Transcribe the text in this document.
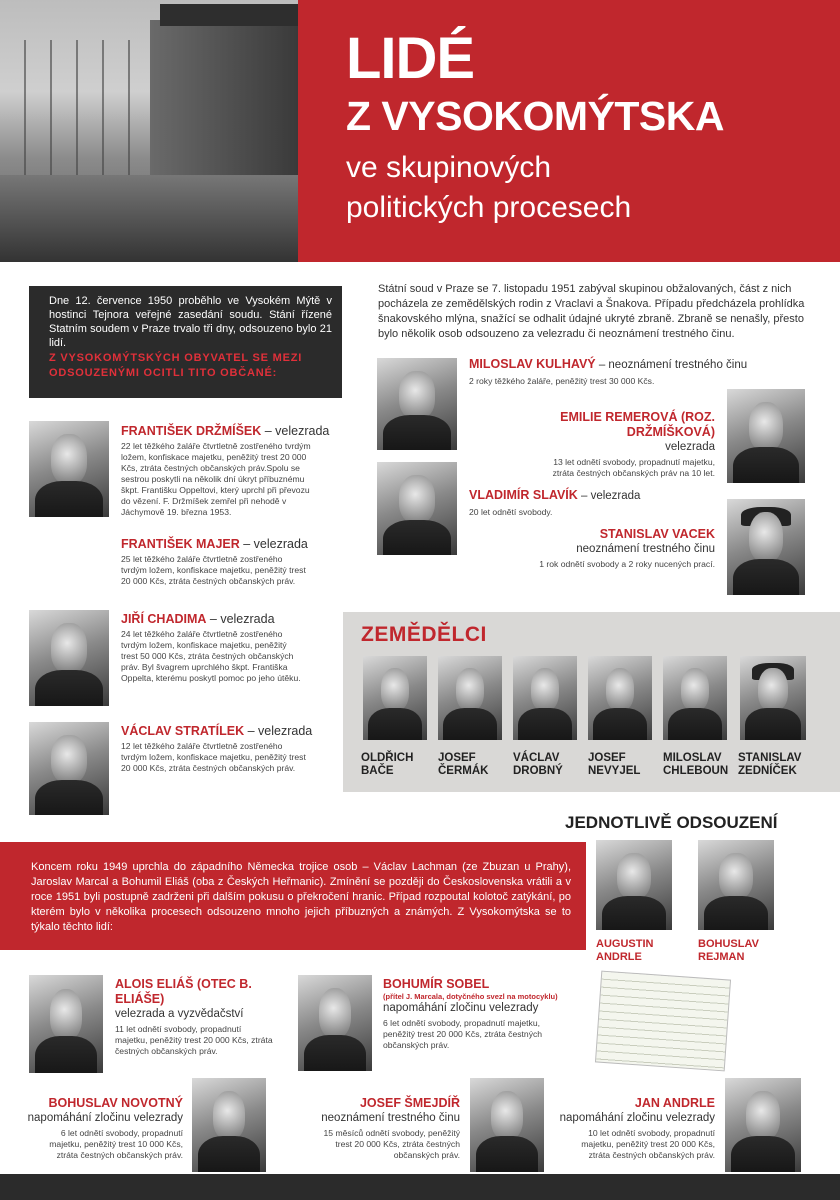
LIDÉ
Z VYSOKOMÝTSKA
ve skupinových
politických procesech
Dne 12. července 1950 proběhlo ve Vysokém Mýtě v hostinci Tejnora veřejné zasedání soudu. Stání řízené Statním soudem v Praze trvalo tři dny, odsouzeno bylo 21 lidí.
Z VYSOKOMÝTSKÝCH OBYVATEL SE MEZI ODSOUZENÝMI OCITLI TITO OBČANÉ:
FRANTIŠEK DRŽMÍŠEK – velezrada
22 let těžkého žaláře čtvrtletně zostřeného tvrdým ložem, konfiskace majetku, peněžitý trest 20 000 Kčs, ztráta čestných občanských práv.Spolu se sestrou poskytli na několik dní úkryt příbuznému škpt. Františku Oppeltovi, který uprchl při převozu do vězení. F. Držmíšek zemřel při nehodě v Jáchymově 19. března 1953.
FRANTIŠEK MAJER – velezrada
25 let těžkého žaláře čtvrtletně zostřeného tvrdým ložem, konfiskace majetku, peněžitý trest 20 000 Kčs, ztráta čestných občanských práv.
JIŘÍ CHADIMA – velezrada
24 let těžkého žaláře čtvrtletně zostřeného tvrdým ložem, konfiskace majetku, peněžitý trest 50 000 Kčs, ztráta čestných občanských práv. Byl švagrem uprchlého škpt. Františka Oppelta, kterému poskytl pomoc po jeho útěku.
VÁCLAV STRATÍLEK – velezrada
12 let těžkého žaláře čtvrtletně zostřeného tvrdým ložem, konfiskace majetku, peněžitý trest 20 000 Kčs, ztráta čestných občanských práv.
Státní soud v Praze se 7. listopadu 1951 zabýval skupinou obžalovaných, část z nich pocházela ze zemědělských rodin z Vraclavi a Šnakova. Případu předcházela prohlídka šnakovského mlýna, snažící se odhalit údajné ukryté zbraně. Zbraně se nenašly, přesto bylo několik osob odsouzeno za velezradu či neoznámení trestného činu.
MILOSLAV KULHAVÝ – neoznámení trestného činu
2 roky těžkého žaláře, peněžitý trest 30 000 Kčs.
EMILIE REMEROVÁ (ROZ. DRŽMÍŠKOVÁ)
velezrada
13 let odnětí svobody, propadnutí majetku, ztráta čestných občanských práv na 10 let.
VLADIMÍR SLAVÍK – velezrada
20 let odnětí svobody.
STANISLAV VACEK
neoznámení trestného činu
1 rok odnětí svobody a 2 roky nucených prací.
ZEMĚDĚLCI
OLDŘICH
BAČE
JOSEF
ČERMÁK
VÁCLAV
DROBNÝ
JOSEF
NEVYJEL
MILOSLAV
CHLEBOUN
STANISLAV
ZEDNÍČEK
JEDNOTLIVĚ ODSOUZENÍ
Koncem roku 1949 uprchla do západního Německa trojice osob – Václav Lachman (ze Zbuzan u Prahy), Jaroslav Marcal a Bohumil Eliáš (oba z Českých Heřmanic). Zmínění se později do Československa vrátili a v roce 1951 byli postupně zadrženi při dalším pokusu o překročení hranic. Případ rozpoutal kolotoč zatýkání, po kterém bylo v několika procesech odsouzeno mnoho jejich příbuzných a známých. Z Vysokomýtska se to týkalo těchto lidí:
AUGUSTIN
ANDRLE
BOHUSLAV
REJMAN
ALOIS ELIÁŠ (OTEC B. ELIÁŠE)
velezrada a vyzvědačství
11 let odnětí svobody, propadnutí majetku, peněžitý trest 20 000 Kčs, ztráta čestných občanských práv.
BOHUMÍR SOBEL
(přítel J. Marcala, dotyčného svezl na motocyklu)
napomáhání zločinu velezrady
6 let odnětí svobody, propadnutí majetku, peněžitý trest 20 000 Kčs, ztráta čestných občanských práv.
BOHUSLAV NOVOTNÝ
napomáhání zločinu velezrady
6 let odnětí svobody, propadnutí majetku, peněžitý trest 10 000 Kčs, ztráta čestných občanských práv.
JOSEF ŠMEJDÍŘ
neoznámení trestného činu
15 měsíců odnětí svobody, peněžitý trest 20 000 Kčs, ztráta čestných občanských práv.
JAN ANDRLE
napomáhání zločinu velezrady
10 let odnětí svobody, propadnutí majetku, peněžitý trest 20 000 Kčs, ztráta čestných občanských práv.
